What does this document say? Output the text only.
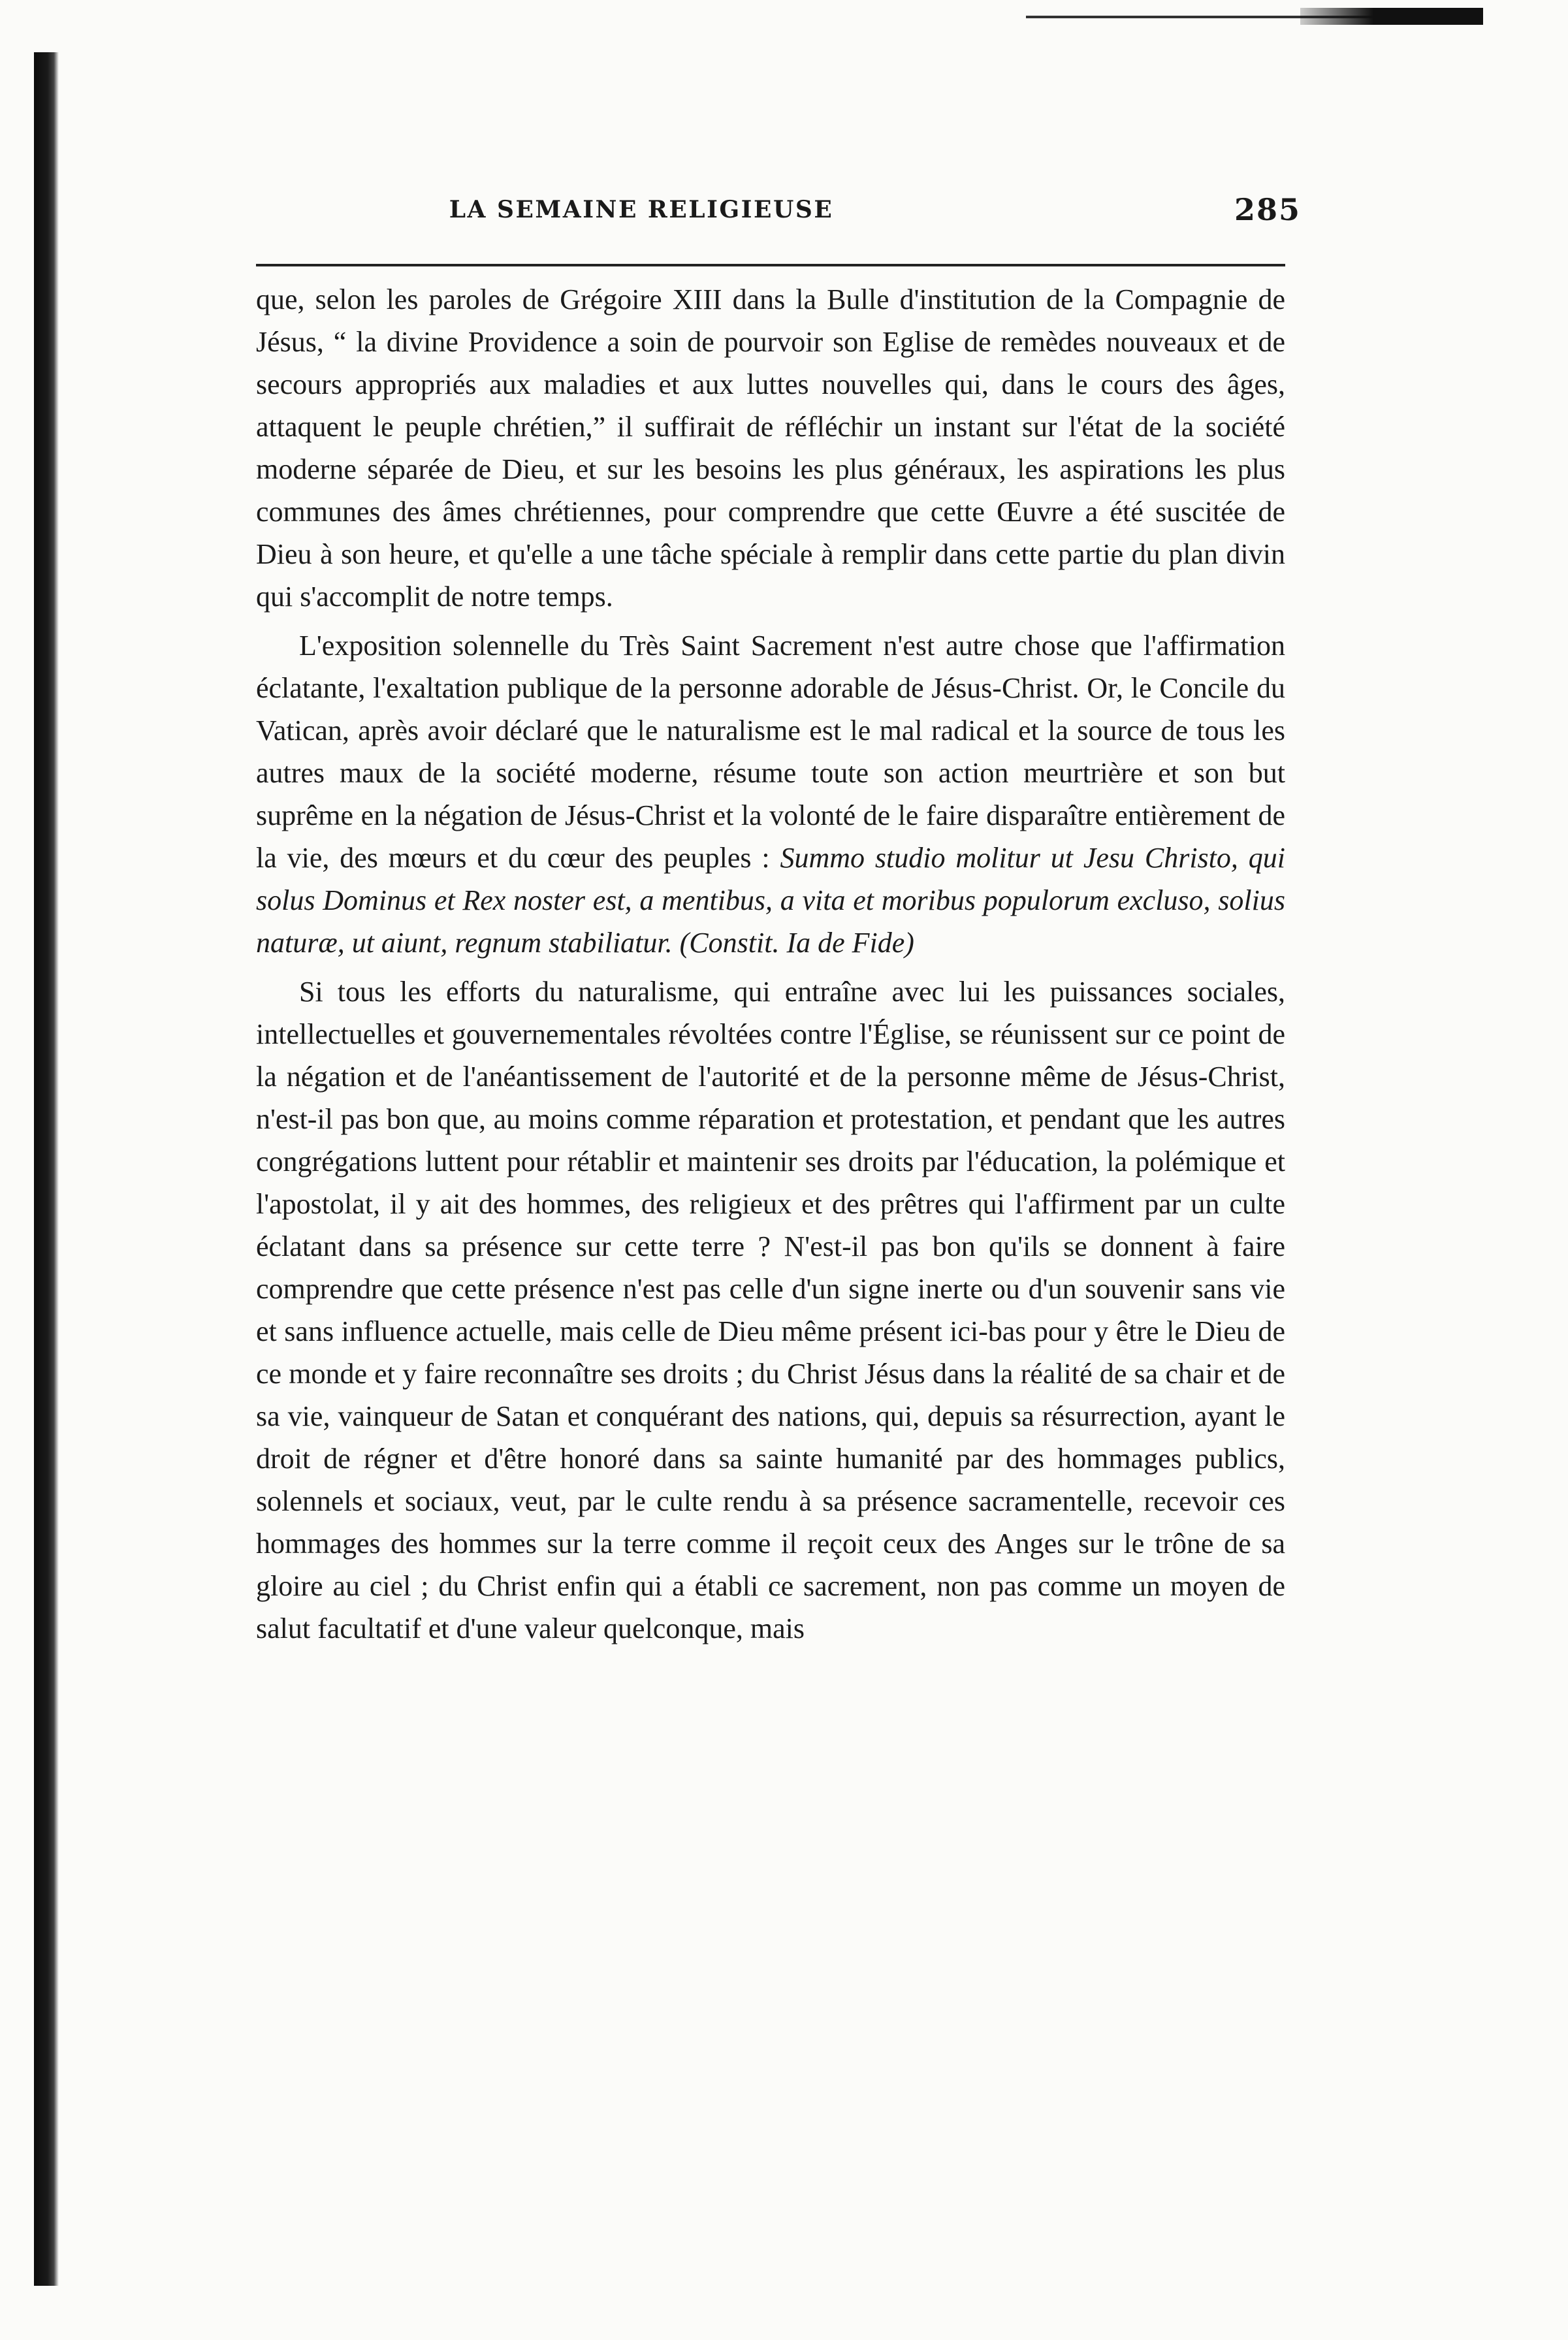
LA SEMAINE RELIGIEUSE	285

que, selon les paroles de Grégoire XIII dans la Bulle d'institution de la Compagnie de Jésus, “ la divine Providence a soin de pourvoir son Eglise de remèdes nouveaux et de secours appropriés aux maladies et aux luttes nouvelles qui, dans le cours des âges, attaquent le peuple chrétien,” il suffirait de réfléchir un instant sur l'état de la société moderne séparée de Dieu, et sur les besoins les plus généraux, les aspirations les plus communes des âmes chrétiennes, pour comprendre que cette Œuvre a été suscitée de Dieu à son heure, et qu'elle a une tâche spéciale à remplir dans cette partie du plan divin qui s'accomplit de notre temps.

L'exposition solennelle du Très Saint Sacrement n'est autre chose que l'affirmation éclatante, l'exaltation publique de la personne adorable de Jésus-Christ. Or, le Concile du Vatican, après avoir déclaré que le naturalisme est le mal radical et la source de tous les autres maux de la société moderne, résume toute son action meurtrière et son but suprême en la négation de Jésus-Christ et la volonté de le faire disparaître entièrement de la vie, des mœurs et du cœur des peuples : Summo studio molitur ut Jesu Christo, qui solus Dominus et Rex noster est, a mentibus, a vita et moribus populorum excluso, solius naturæ, ut aiunt, regnum stabiliatur. (Constit. Ia de Fide)

Si tous les efforts du naturalisme, qui entraîne avec lui les puissances sociales, intellectuelles et gouvernementales révoltées contre l'Église, se réunissent sur ce point de la négation et de l'anéantissement de l'autorité et de la personne même de Jésus-Christ, n'est-il pas bon que, au moins comme réparation et protestation, et pendant que les autres congrégations luttent pour rétablir et maintenir ses droits par l'éducation, la polémique et l'apostolat, il y ait des hommes, des religieux et des prêtres qui l'affirment par un culte éclatant dans sa présence sur cette terre ? N'est-il pas bon qu'ils se donnent à faire comprendre que cette présence n'est pas celle d'un signe inerte ou d'un souvenir sans vie et sans influence actuelle, mais celle de Dieu même présent ici-bas pour y être le Dieu de ce monde et y faire reconnaître ses droits ; du Christ Jésus dans la réalité de sa chair et de sa vie, vainqueur de Satan et conquérant des nations, qui, depuis sa résurrection, ayant le droit de régner et d'être honoré dans sa sainte humanité par des hommages publics, solennels et sociaux, veut, par le culte rendu à sa présence sacramentelle, recevoir ces hommages des hommes sur la terre comme il reçoit ceux des Anges sur le trône de sa gloire au ciel ; du Christ enfin qui a établi ce sacrement, non pas comme un moyen de salut facultatif et d'une valeur quelconque, mais
